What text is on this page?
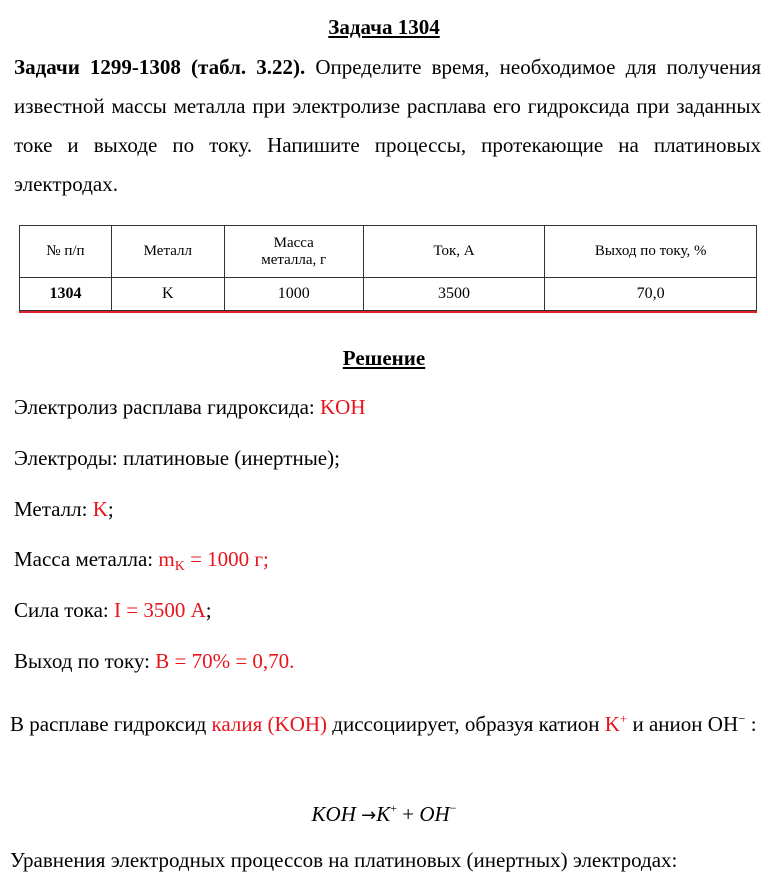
Задача 1304
Задачи 1299-1308 (табл. 3.22). Определите время, необходимое для получения известной массы металла при электролизе расплава его гидроксида при заданных токе и выходе по току. Напишите процессы, протекающие на платиновых электродах.
№ п/п	Металл	Масса металла, г	Ток, А	Выход по току, %
1304	K	1000	3500	70,0
Решение
Электролиз расплава гидроксида: KOH
Электроды: платиновые (инертные);
Металл: K;
Масса металла: $m_K = 1000$ г;
Сила тока: I = 3500 А;
Выход по току: В = 70% = 0,70.
В расплаве гидроксид калия (KOH) диссоциирует, образуя катион K+ и анион OH− :
KOH →K+ + OH−
Уравнения электродных процессов на платиновых (инертных) электродах:
